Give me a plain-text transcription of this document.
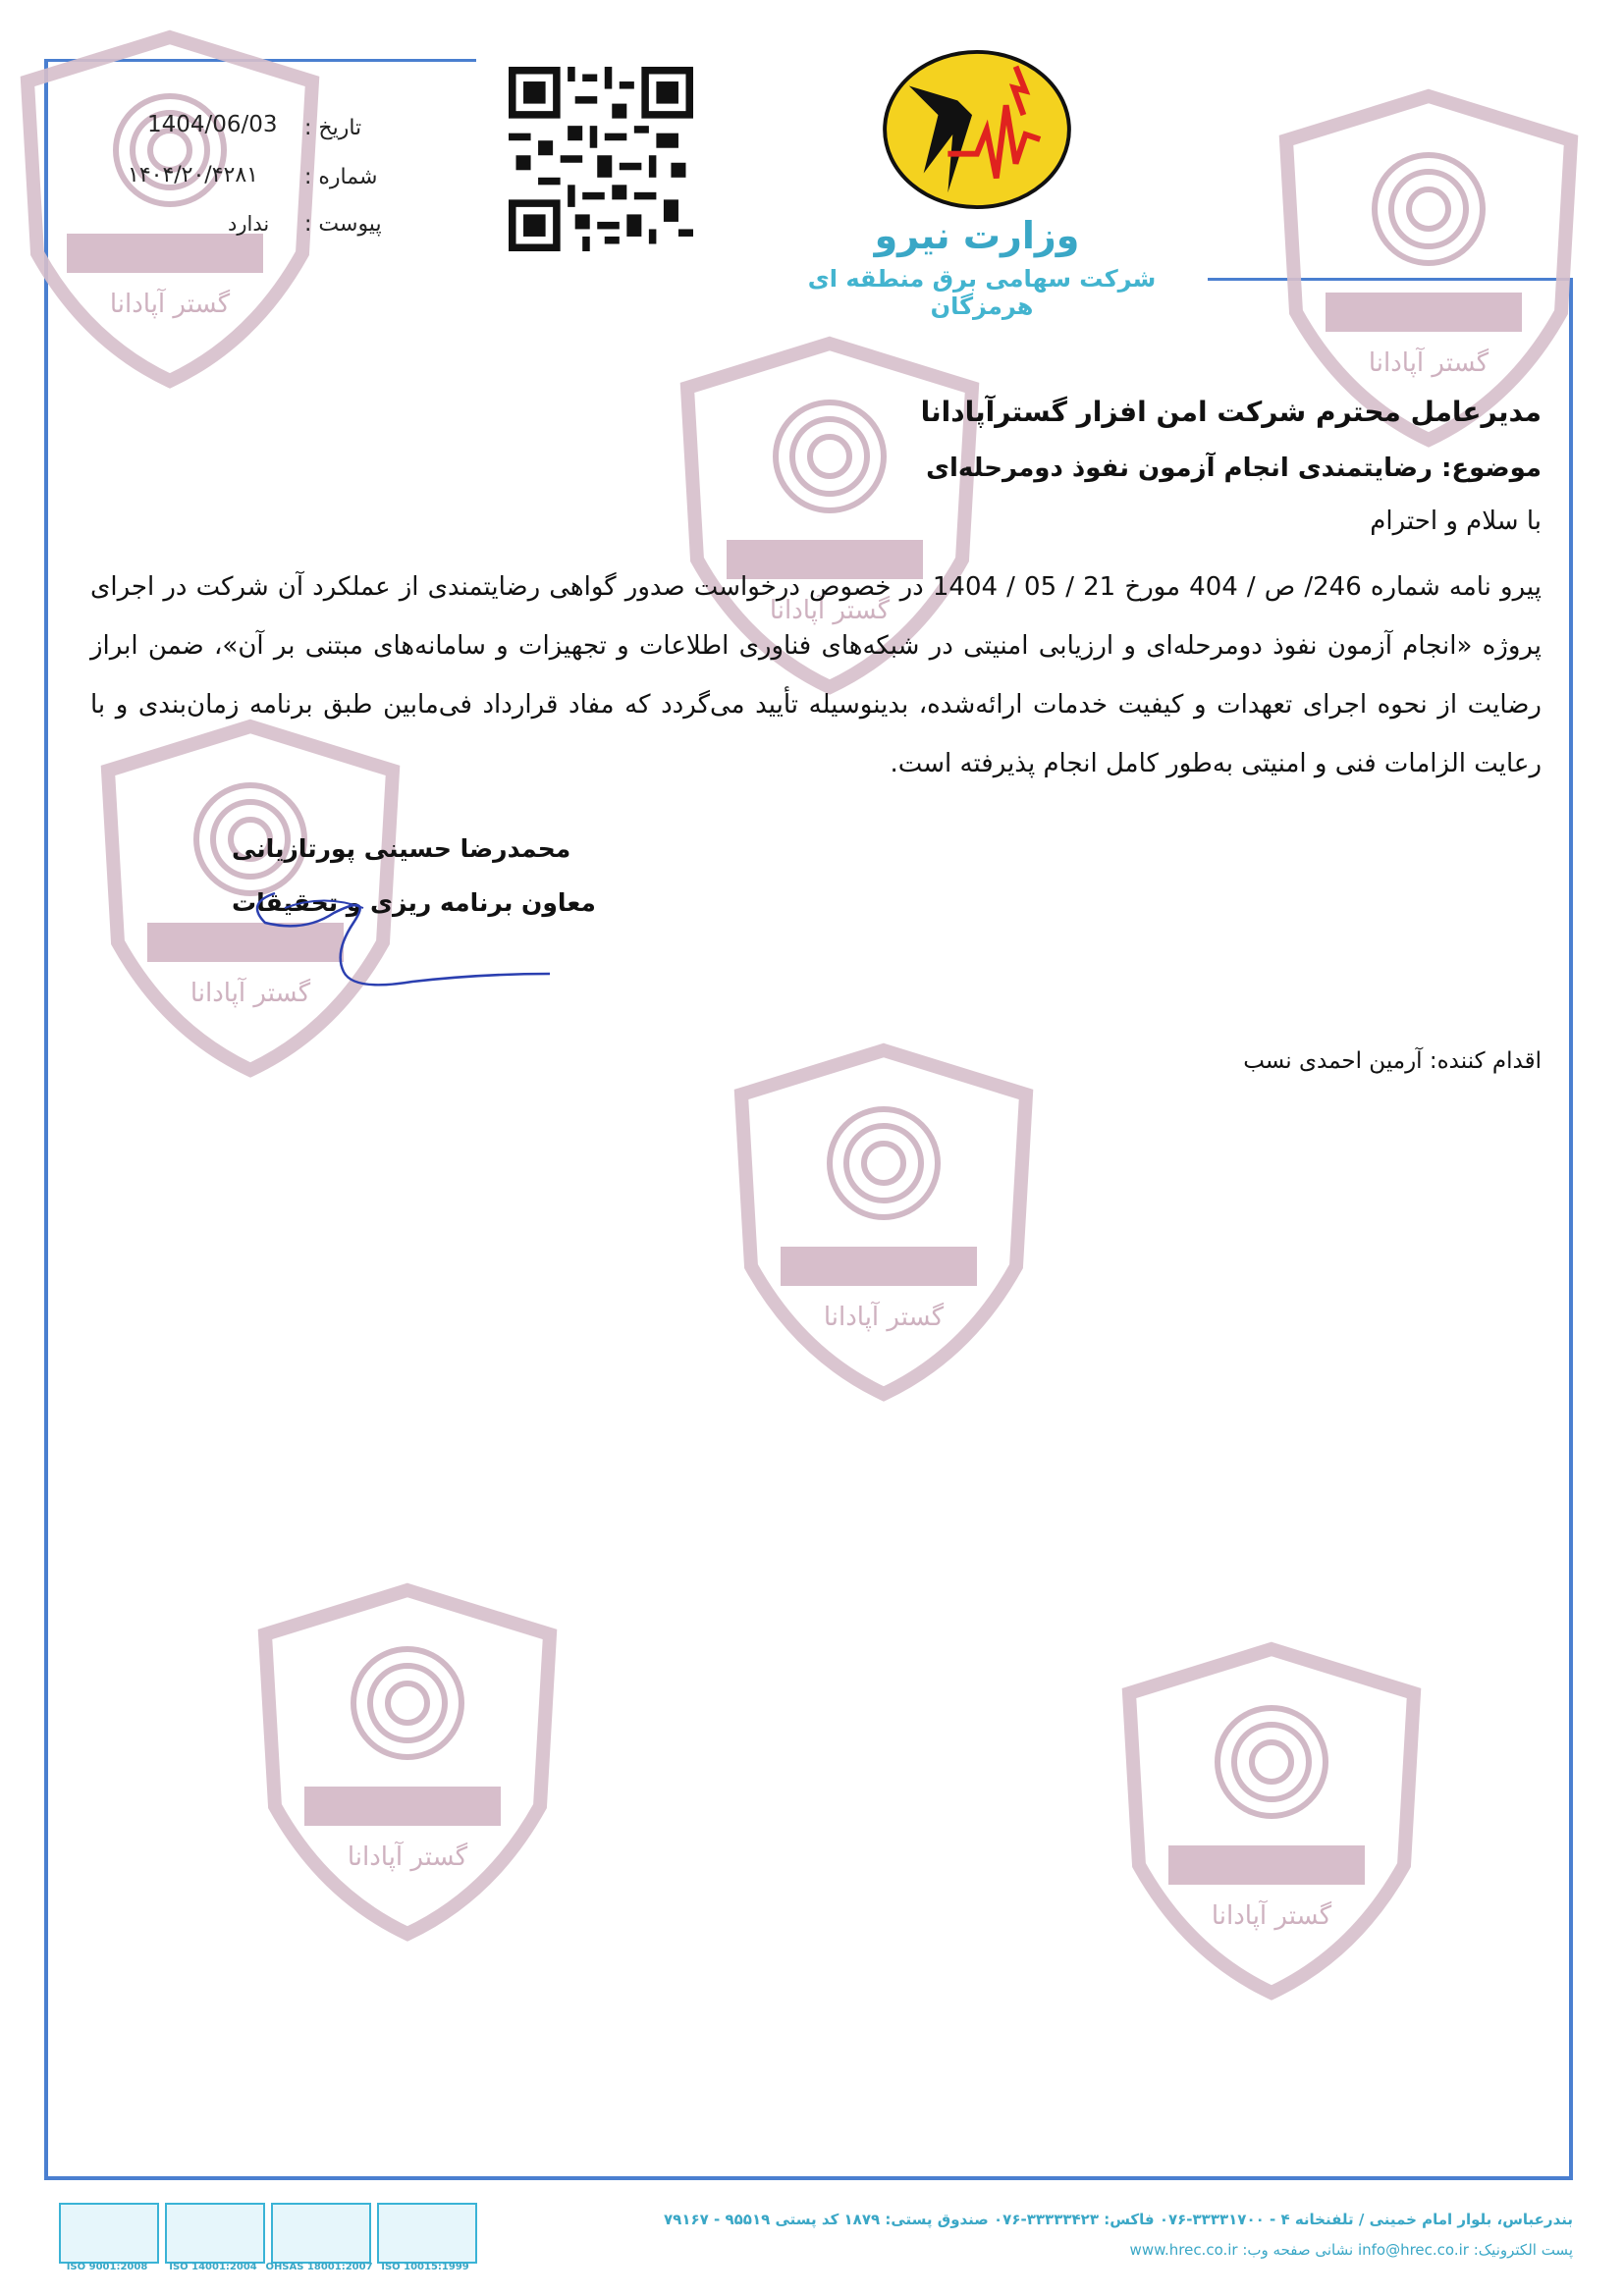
گستر آپادانا
گستر آپادانا
گستر آپادانا
گستر آپادانا
گستر آپادانا
گستر آپادانا
گستر آپادانا
تاریخ :
1404/06/03
شماره :
۱۴۰۴/۲۰/۴۲۸۱
پیوست :
ندارد	وزارت نیرو
شرکت سهامی برق منطقه ای هرمزگان
مدیرعامل محترم شرکت امن افزار گسترآپادانا
موضوع: رضایتمندی انجام آزمون نفوذ دومرحله‌ای
با سلام و احترام
پیرو نامه شماره 246/ ص / 404 مورخ 21 / 05 / 1404 در خصوص درخواست صدور گواهی رضایتمندی از عملکرد آن شرکت در اجرای پروژه «انجام آزمون نفوذ دومرحله‌ای و ارزیابی امنیتی در شبکه‌های فناوری اطلاعات و تجهیزات و سامانه‌های مبتنی بر آن»، ضمن ابراز رضایت از نحوه اجرای تعهدات و کیفیت خدمات ارائه‌شده، بدینوسیله تأیید می‌گردد که مفاد قرارداد فی‌مابین طبق برنامه زمان‌بندی و با رعایت الزامات فنی و امنیتی به‌طور کامل انجام پذیرفته است.
محمدرضا حسینی پورتازیانی
معاون برنامه ریزی و تحقیقات
اقدام کننده: آرمین احمدی نسب
ISO 9001:2008	ISO 14001:2004 OHSAS 18001:2007 ISO 10015:1999
بندرعباس، بلوار امام خمینی / تلفنخانه ۴ - ۳۳۳۳۱۷۰۰-۰۷۶ فاکس: ۳۳۳۳۳۴۲۳-۰۷۶ صندوق پستی: ۱۸۷۹ کد پستی ۹۵۵۱۹ - ۷۹۱۶۷
پست الکترونیک: info@hrec.co.ir نشانی صفحه وب: www.hrec.co.ir
